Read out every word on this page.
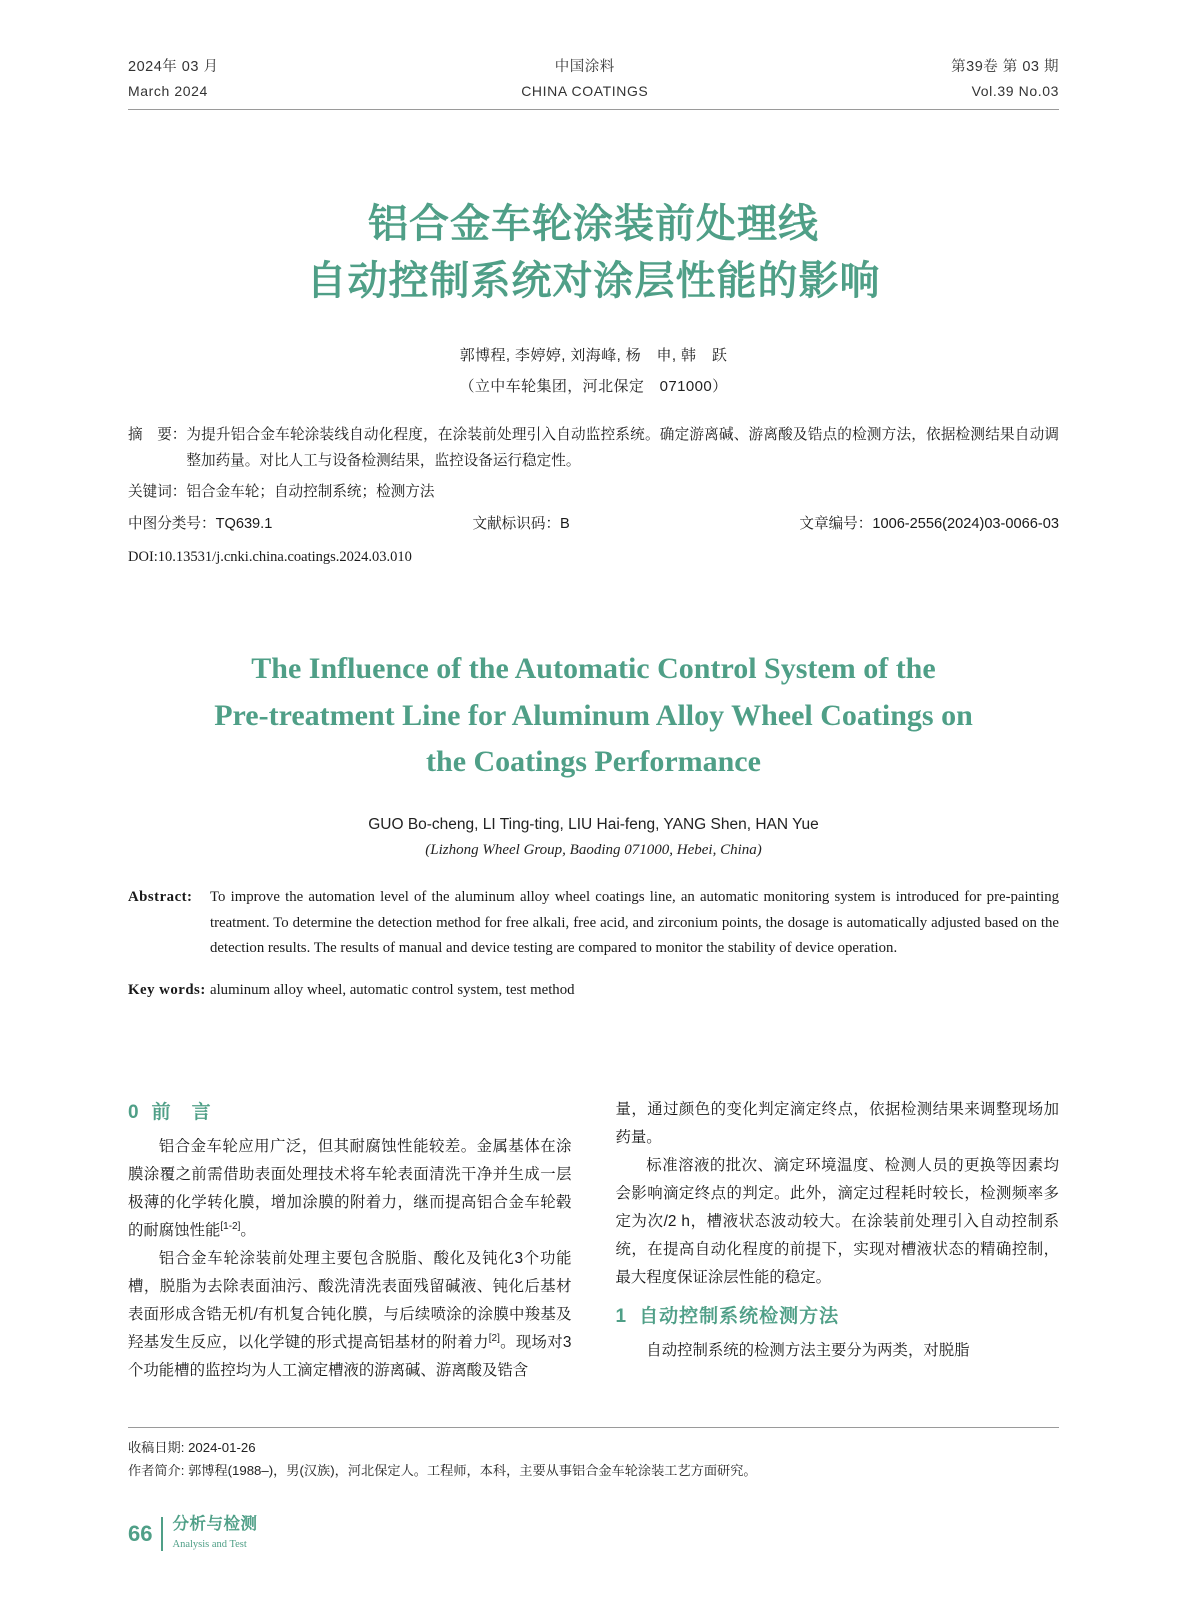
2024年 03 月
March 2024
中国涂料
CHINA COATINGS
第39卷 第 03 期
Vol.39 No.03
铝合金车轮涂装前处理线
自动控制系统对涂层性能的影响
郭博程, 李婷婷, 刘海峰, 杨　申, 韩　跃
（立中车轮集团，河北保定　071000）
摘　要： 为提升铝合金车轮涂装线自动化程度，在涂装前处理引入自动监控系统。确定游离碱、游离酸及锆点的检测方法，依据检测结果自动调整加药量。对比人工与设备检测结果，监控设备运行稳定性。
关键词： 铝合金车轮；自动控制系统；检测方法
中图分类号：TQ639.1	文献标识码：B	文章编号：1006-2556(2024)03-0066-03
DOI:10.13531/j.cnki.china.coatings.2024.03.010
The Influence of the Automatic Control System of the
Pre-treatment Line for Aluminum Alloy Wheel Coatings on
the Coatings Performance
GUO Bo-cheng, LI Ting-ting, LIU Hai-feng, YANG Shen, HAN Yue
(Lizhong Wheel Group, Baoding 071000, Hebei, China)
Abstract:	To improve the automation level of the aluminum alloy wheel coatings line, an automatic monitoring system is introduced for pre-painting treatment. To determine the detection method for free alkali, free acid, and zirconium points, the dosage is automatically adjusted based on the detection results. The results of manual and device testing are compared to monitor the stability of device operation.
Key words: aluminum alloy wheel, automatic control system, test method
0 前　言

铝合金车轮应用广泛，但其耐腐蚀性能较差。金属基体在涂膜涂覆之前需借助表面处理技术将车轮表面清洗干净并生成一层极薄的化学转化膜，增加涂膜的附着力，继而提高铝合金车轮毂的耐腐蚀性能[1-2]。

铝合金车轮涂装前处理主要包含脱脂、酸化及钝化3个功能槽，脱脂为去除表面油污、酸洗清洗表面残留碱液、钝化后基材表面形成含锆无机/有机复合钝化膜，与后续喷涂的涂膜中羧基及羟基发生反应，以化学键的形式提高铝基材的附着力[2]。现场对3个功能槽的监控均为人工滴定槽液的游离碱、游离酸及锆含

量，通过颜色的变化判定滴定终点，依据检测结果来调整现场加药量。

标准溶液的批次、滴定环境温度、检测人员的更换等因素均会影响滴定终点的判定。此外，滴定过程耗时较长，检测频率多定为次/2 h，槽液状态波动较大。在涂装前处理引入自动控制系统，在提高自动化程度的前提下，实现对槽液状态的精确控制，最大程度保证涂层性能的稳定。

1 自动控制系统检测方法

自动控制系统的检测方法主要分为两类，对脱脂

收稿日期: 2024-01-26
作者简介: 郭博程(1988–)，男(汉族)，河北保定人。工程师，本科，主要从事铝合金车轮涂装工艺方面研究。
66 分析与检测
Analysis and Test
